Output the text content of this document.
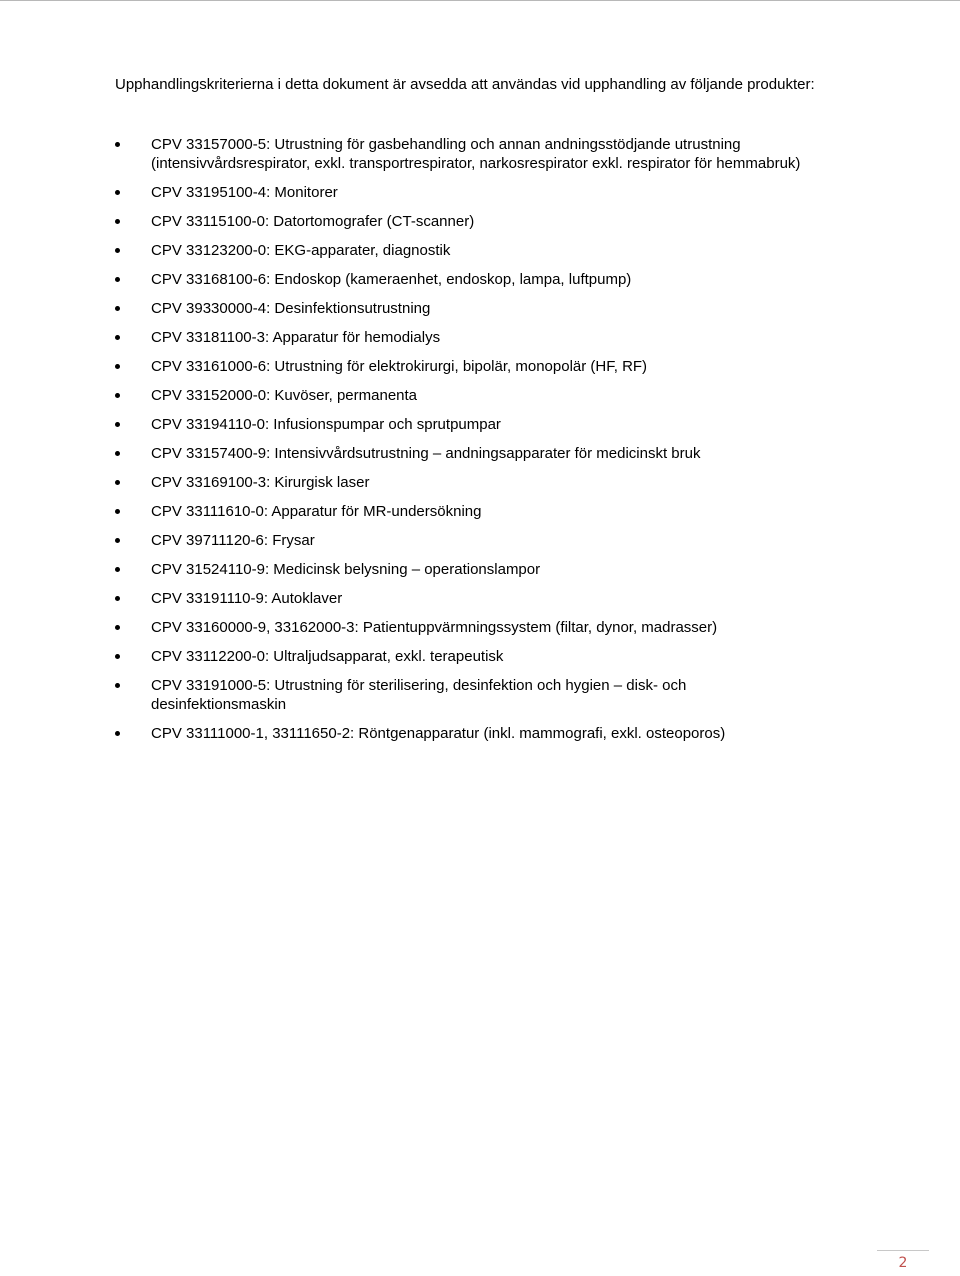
Upphandlingskriterierna i detta dokument är avsedda att användas vid upphandling av följande produkter:

CPV 33157000-5: Utrustning för gasbehandling och annan andningsstödjande utrustning (intensivvårdsrespirator, exkl. transportrespirator, narkosrespirator exkl. respirator för hemmabruk)
CPV 33195100-4: Monitorer
CPV 33115100-0: Datortomografer (CT-scanner)
CPV 33123200-0: EKG-apparater, diagnostik
CPV 33168100-6: Endoskop (kameraenhet, endoskop, lampa, luftpump)
CPV 39330000-4: Desinfektionsutrustning
CPV 33181100-3: Apparatur för hemodialys
CPV 33161000-6: Utrustning för elektrokirurgi, bipolär, monopolär (HF, RF)
CPV 33152000-0: Kuvöser, permanenta
CPV 33194110-0: Infusionspumpar och sprutpumpar
CPV 33157400-9: Intensivvårdsutrustning – andningsapparater för medicinskt bruk
CPV 33169100-3: Kirurgisk laser
CPV 33111610-0: Apparatur för MR-undersökning
CPV 39711120-6: Frysar
CPV 31524110-9: Medicinsk belysning – operationslampor
CPV 33191110-9: Autoklaver
CPV 33160000-9, 33162000-3: Patientuppvärmningssystem (filtar, dynor, madrasser)
CPV 33112200-0: Ultraljudsapparat, exkl. terapeutisk
CPV 33191000-5: Utrustning för sterilisering, desinfektion och hygien – disk- och desinfektionsmaskin
CPV 33111000-1, 33111650-2: Röntgenapparatur (inkl. mammografi, exkl. osteoporos)
2
